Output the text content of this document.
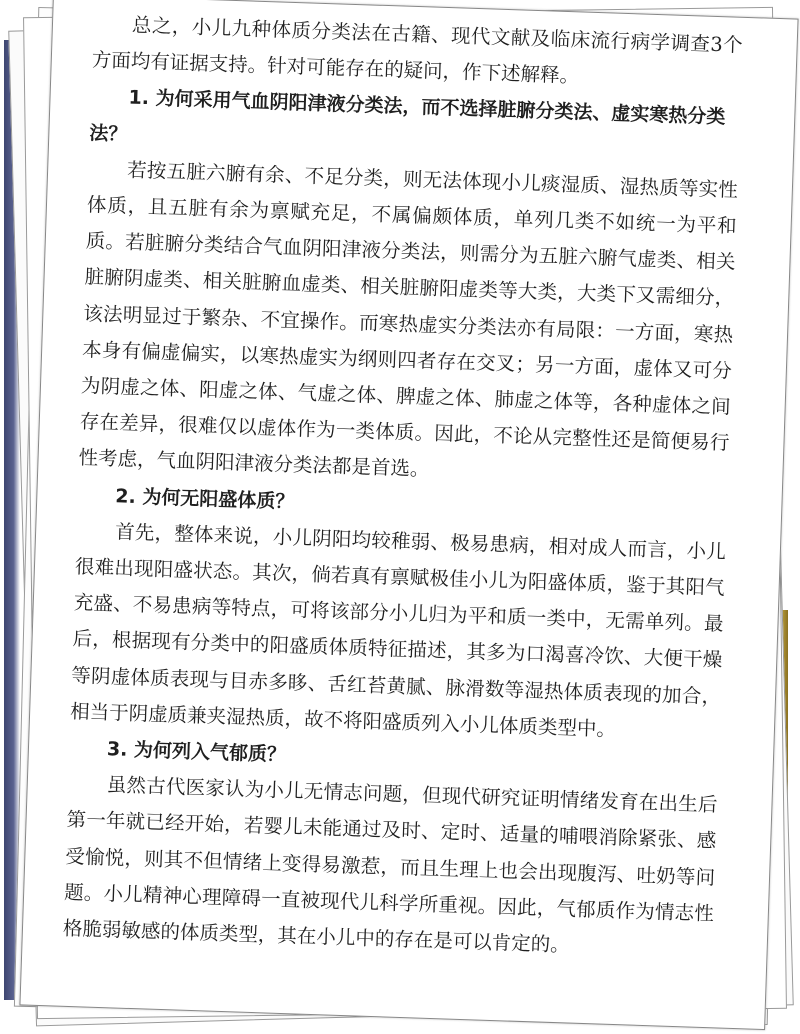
总之，小儿九种体质分类法在古籍、现代文献及临床流行病学调查3个方面均有证据支持。针对可能存在的疑问，作下述解释。

1. 为何采用气血阴阳津液分类法，而不选择脏腑分类法、虚实寒热分类法？

若按五脏六腑有余、不足分类，则无法体现小儿痰湿质、湿热质等实性体质，且五脏有余为禀赋充足，不属偏颇体质，单列几类不如统一为平和质。若脏腑分类结合气血阴阳津液分类法，则需分为五脏六腑气虚类、相关脏腑阴虚类、相关脏腑血虚类、相关脏腑阳虚类等大类，大类下又需细分，该法明显过于繁杂、不宜操作。而寒热虚实分类法亦有局限：一方面，寒热本身有偏虚偏实，以寒热虚实为纲则四者存在交叉；另一方面，虚体又可分为阴虚之体、阳虚之体、气虚之体、脾虚之体、肺虚之体等，各种虚体之间存在差异，很难仅以虚体作为一类体质。因此，不论从完整性还是简便易行性考虑，气血阴阳津液分类法都是首选。

2. 为何无阳盛体质？

首先，整体来说，小儿阴阳均较稚弱、极易患病，相对成人而言，小儿很难出现阳盛状态。其次，倘若真有禀赋极佳小儿为阳盛体质，鉴于其阳气充盛、不易患病等特点，可将该部分小儿归为平和质一类中，无需单列。最后，根据现有分类中的阳盛质体质特征描述，其多为口渴喜冷饮、大便干燥等阴虚体质表现与目赤多眵、舌红苔黄腻、脉滑数等湿热体质表现的加合，相当于阴虚质兼夹湿热质，故不将阳盛质列入小儿体质类型中。

3. 为何列入气郁质？

虽然古代医家认为小儿无情志问题，但现代研究证明情绪发育在出生后第一年就已经开始，若婴儿未能通过及时、定时、适量的哺喂消除紧张、感受愉悦，则其不但情绪上变得易激惹，而且生理上也会出现腹泻、吐奶等问题。小儿精神心理障碍一直被现代儿科学所重视。因此，气郁质作为情志性格脆弱敏感的体质类型，其在小儿中的存在是可以肯定的。
